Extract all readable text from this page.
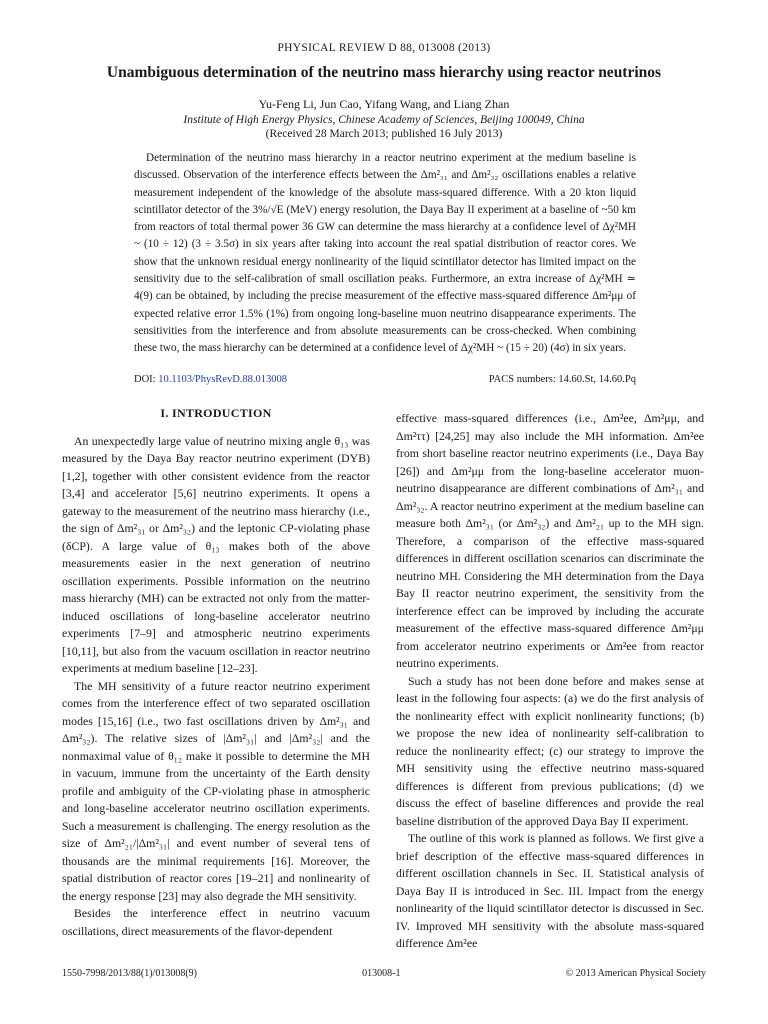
PHYSICAL REVIEW D 88, 013008 (2013)
Unambiguous determination of the neutrino mass hierarchy using reactor neutrinos
Yu-Feng Li, Jun Cao, Yifang Wang, and Liang Zhan
Institute of High Energy Physics, Chinese Academy of Sciences, Beijing 100049, China
(Received 28 March 2013; published 16 July 2013)

Determination of the neutrino mass hierarchy in a reactor neutrino experiment at the medium baseline is discussed. Observation of the interference effects between the Δm²₃₁ and Δm²₃₂ oscillations enables a relative measurement independent of the knowledge of the absolute mass-squared difference. With a 20 kton liquid scintillator detector of the 3%/√E (MeV) energy resolution, the Daya Bay II experiment at a baseline of ~50 km from reactors of total thermal power 36 GW can determine the mass hierarchy at a confidence level of Δχ²MH ~ (10 ÷ 12) (3 ÷ 3.5σ) in six years after taking into account the real spatial distribution of reactor cores. We show that the unknown residual energy nonlinearity of the liquid scintillator detector has limited impact on the sensitivity due to the self-calibration of small oscillation peaks. Furthermore, an extra increase of Δχ²MH ≃ 4(9) can be obtained, by including the precise measurement of the effective mass-squared difference Δm²μμ of expected relative error 1.5% (1%) from ongoing long-baseline muon neutrino disappearance experiments. The sensitivities from the interference and from absolute measurements can be cross-checked. When combining these two, the mass hierarchy can be determined at a confidence level of Δχ²MH ~ (15 ÷ 20) (4σ) in six years.

DOI: 10.1103/PhysRevD.88.013008	PACS numbers: 14.60.St, 14.60.Pq
I. INTRODUCTION

An unexpectedly large value of neutrino mixing angle θ₁₃ was measured by the Daya Bay reactor neutrino experiment (DYB) [1,2], together with other consistent evidence from the reactor [3,4] and accelerator [5,6] neutrino experiments. It opens a gateway to the measurement of the neutrino mass hierarchy (i.e., the sign of Δm²₃₁ or Δm²₃₂) and the leptonic CP-violating phase (δCP). A large value of θ₁₃ makes both of the above measurements easier in the next generation of neutrino oscillation experiments. Possible information on the neutrino mass hierarchy (MH) can be extracted not only from the matter-induced oscillations of long-baseline accelerator neutrino experiments [7–9] and atmospheric neutrino experiments [10,11], but also from the vacuum oscillation in reactor neutrino experiments at medium baseline [12–23].

The MH sensitivity of a future reactor neutrino experiment comes from the interference effect of two separated oscillation modes [15,16] (i.e., two fast oscillations driven by Δm²₃₁ and Δm²₃₂). The relative sizes of |Δm²₃₁| and |Δm²₃₂| and the nonmaximal value of θ₁₂ make it possible to determine the MH in vacuum, immune from the uncertainty of the Earth density profile and ambiguity of the CP-violating phase in atmospheric and long-baseline accelerator neutrino oscillation experiments. Such a measurement is challenging. The energy resolution as the size of Δm²₂₁/|Δm²₃₁| and event number of several tens of thousands are the minimal requirements [16]. Moreover, the spatial distribution of reactor cores [19–21] and nonlinearity of the energy response [23] may also degrade the MH sensitivity.

Besides the interference effect in neutrino vacuum oscillations, direct measurements of the flavor-dependent

effective mass-squared differences (i.e., Δm²ee, Δm²μμ, and Δm²ττ) [24,25] may also include the MH information. Δm²ee from short baseline reactor neutrino experiments (i.e., Daya Bay [26]) and Δm²μμ from the long-baseline accelerator muon-neutrino disappearance are different combinations of Δm²₃₁ and Δm²₃₂. A reactor neutrino experiment at the medium baseline can measure both Δm²₃₁ (or Δm²₃₂) and Δm²₂₁ up to the MH sign. Therefore, a comparison of the effective mass-squared differences in different oscillation scenarios can discriminate the neutrino MH. Considering the MH determination from the Daya Bay II reactor neutrino experiment, the sensitivity from the interference effect can be improved by including the accurate measurement of the effective mass-squared difference Δm²μμ from accelerator neutrino experiments or Δm²ee from reactor neutrino experiments.

Such a study has not been done before and makes sense at least in the following four aspects: (a) we do the first analysis of the nonlinearity effect with explicit nonlinearity functions; (b) we propose the new idea of nonlinearity self-calibration to reduce the nonlinearity effect; (c) our strategy to improve the MH sensitivity using the effective neutrino mass-squared differences is different from previous publications; (d) we discuss the effect of baseline differences and provide the real baseline distribution of the approved Daya Bay II experiment.

The outline of this work is planned as follows. We first give a brief description of the effective mass-squared differences in different oscillation channels in Sec. II. Statistical analysis of Daya Bay II is introduced in Sec. III. Impact from the energy nonlinearity of the liquid scintillator detector is discussed in Sec. IV. Improved MH sensitivity with the absolute mass-squared difference Δm²ee

1550-7998/2013/88(1)/013008(9)	013008-1	© 2013 American Physical Society
